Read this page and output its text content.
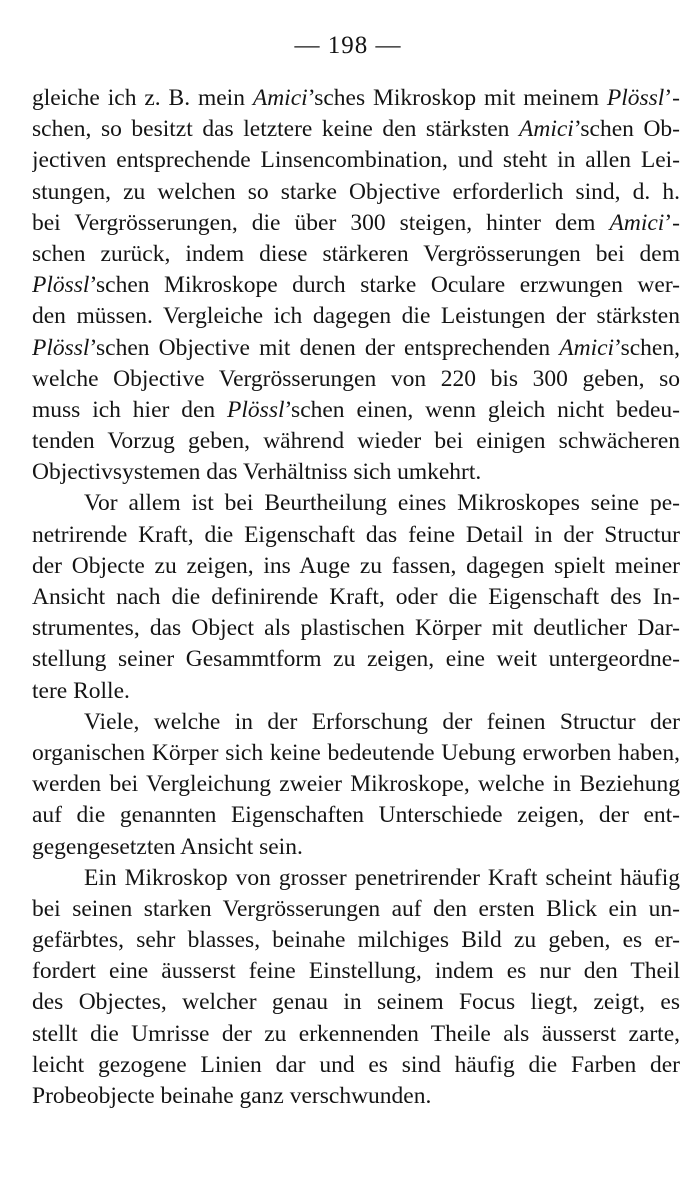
— 198 —
gleiche ich z. B. mein Amici’sches Mikroskop mit meinem Plössl’-
schen, so besitzt das letztere keine den stärksten Amici’schen Ob-
jectiven entsprechende Linsencombination, und steht in allen Lei-
stungen, zu welchen so starke Objective erforderlich sind, d. h.
bei Vergrösserungen, die über 300 steigen, hinter dem Amici’-
schen zurück, indem diese stärkeren Vergrösserungen bei dem
Plössl’schen Mikroskope durch starke Oculare erzwungen wer-
den müssen. Vergleiche ich dagegen die Leistungen der stärksten
Plössl’schen Objective mit denen der entsprechenden Amici’schen,
welche Objective Vergrösserungen von 220 bis 300 geben, so
muss ich hier den Plössl’schen einen, wenn gleich nicht bedeu-
tenden Vorzug geben, während wieder bei einigen schwächeren
Objectivsystemen das Verhältniss sich umkehrt.
Vor allem ist bei Beurtheilung eines Mikroskopes seine pe-
netrirende Kraft, die Eigenschaft das feine Detail in der Structur
der Objecte zu zeigen, ins Auge zu fassen, dagegen spielt meiner
Ansicht nach die definirende Kraft, oder die Eigenschaft des In-
strumentes, das Object als plastischen Körper mit deutlicher Dar-
stellung seiner Gesammtform zu zeigen, eine weit untergeordne-
tere Rolle.
Viele, welche in der Erforschung der feinen Structur der
organischen Körper sich keine bedeutende Uebung erworben haben,
werden bei Vergleichung zweier Mikroskope, welche in Beziehung
auf die genannten Eigenschaften Unterschiede zeigen, der ent-
gegengesetzten Ansicht sein.
Ein Mikroskop von grosser penetrirender Kraft scheint häufig
bei seinen starken Vergrösserungen auf den ersten Blick ein un-
gefärbtes, sehr blasses, beinahe milchiges Bild zu geben, es er-
fordert eine äusserst feine Einstellung, indem es nur den Theil
des Objectes, welcher genau in seinem Focus liegt, zeigt, es
stellt die Umrisse der zu erkennenden Theile als äusserst zarte,
leicht gezogene Linien dar und es sind häufig die Farben der
Probeobjecte beinahe ganz verschwunden.
